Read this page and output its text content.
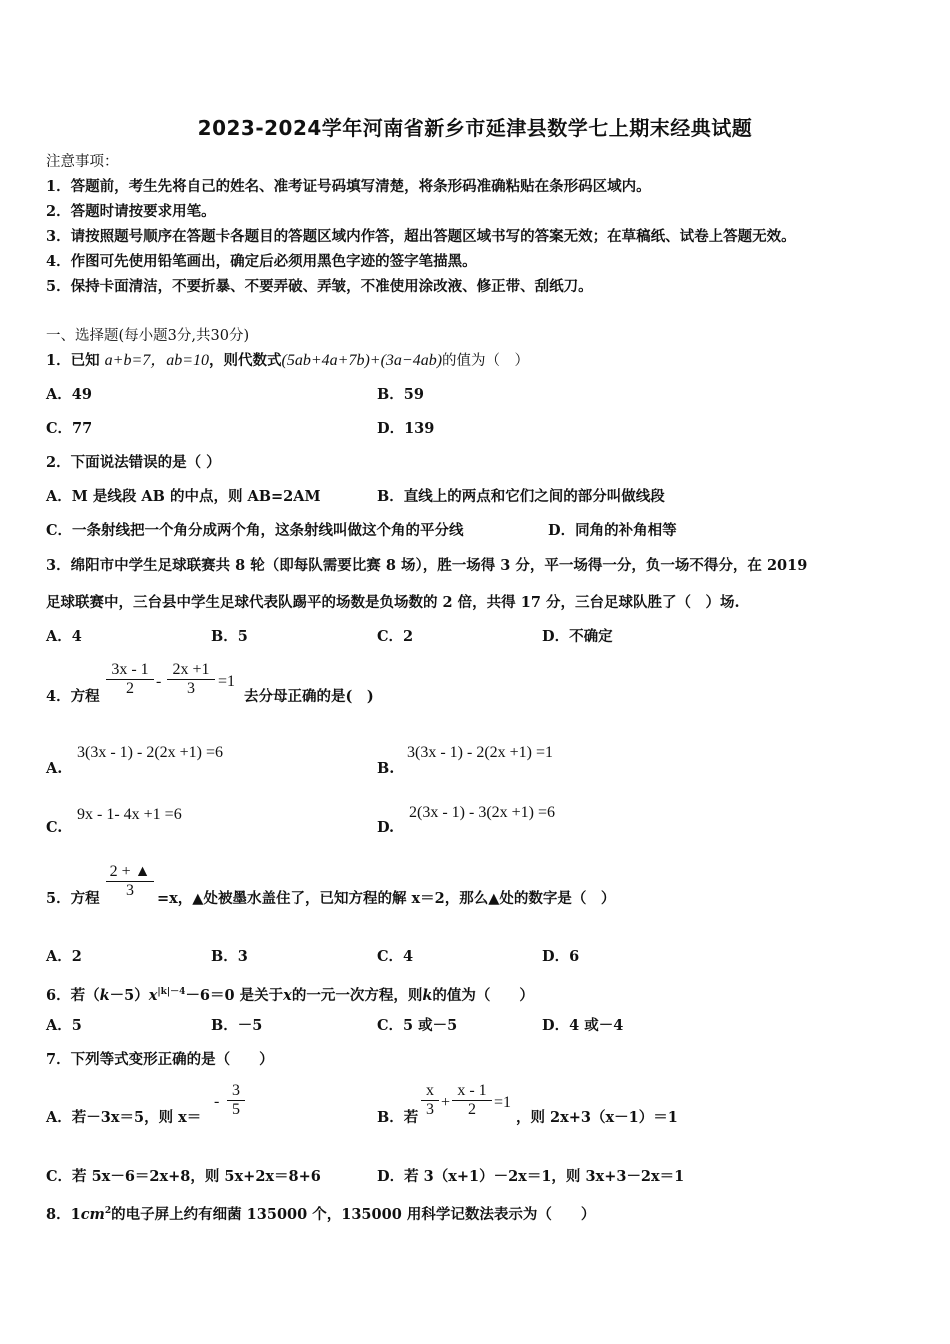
2023-2024学年河南省新乡市延津县数学七上期末经典试题
注意事项：
1．答题前，考生先将自己的姓名、准考证号码填写清楚，将条形码准确粘贴在条形码区域内。
2．答题时请按要求用笔。
3．请按照题号顺序在答题卡各题目的答题区域内作答，超出答题区域书写的答案无效；在草稿纸、试卷上答题无效。
4．作图可先使用铅笔画出，确定后必须用黑色字迹的签字笔描黑。
5．保持卡面清洁，不要折暴、不要弄破、弄皱，不准使用涂改液、修正带、刮纸刀。
一、选择题(每小题3分,共30分)
1．已知 a+b=7，ab=10，则代数式(5ab+4a+7b)+(3a−4ab)的值为（　）
A．49	B．59
C．77	D．139
2．下面说法错误的是（ ）
A．M 是线段 AB 的中点，则 AB=2AM	B．直线上的两点和它们之间的部分叫做线段
C．一条射线把一个角分成两个角，这条射线叫做这个角的平分线	D．同角的补角相等
3．绵阳市中学生足球联赛共 8 轮（即每队需要比赛 8 场），胜一场得 3 分，平一场得一分，负一场不得分，在 2019
足球联赛中，三台县中学生足球代表队踢平的场数是负场数的 2 倍，共得 17 分，三台足球队胜了（　）场.
A．4	B．5	C．2	D．不确定
4．方程
3x - 1
2	-
2x +1
3	=1
去分母正确的是(　)
A.
3(3x - 1) - 2(2x +1) =6
B.
3(3x - 1) - 2(2x +1) =1
C.
9x - 1- 4x +1 =6
D.
2(3x - 1) - 3(2x +1) =6
5．方程
2 + ▲
3	=x，▲处被墨水盖住了，已知方程的解 x＝2，那么▲处的数字是（　）
A．2	B．3	C．4	D．6
6．若$(k-5)x^{|k|-4}-6=0$ 是关于x的一元一次方程，则k的值为（　　）
A．5	B．－5	C．5 或－5	D．4 或－4
7．下列等式变形正确的是（　　）
A．若－3x＝5，则 x＝
-
3
5	B．若
x
3 +
x - 1
2	=1
，则 2x+3（x－1）＝1
C．若 5x－6＝2x+8，则 5x+2x＝8+6	D．若 3（x+1）－2x＝1，则 3x+3－2x＝1
8．$1cm^2$的电子屏上约有细菌 135000 个，135000 用科学记数法表示为（　　）
